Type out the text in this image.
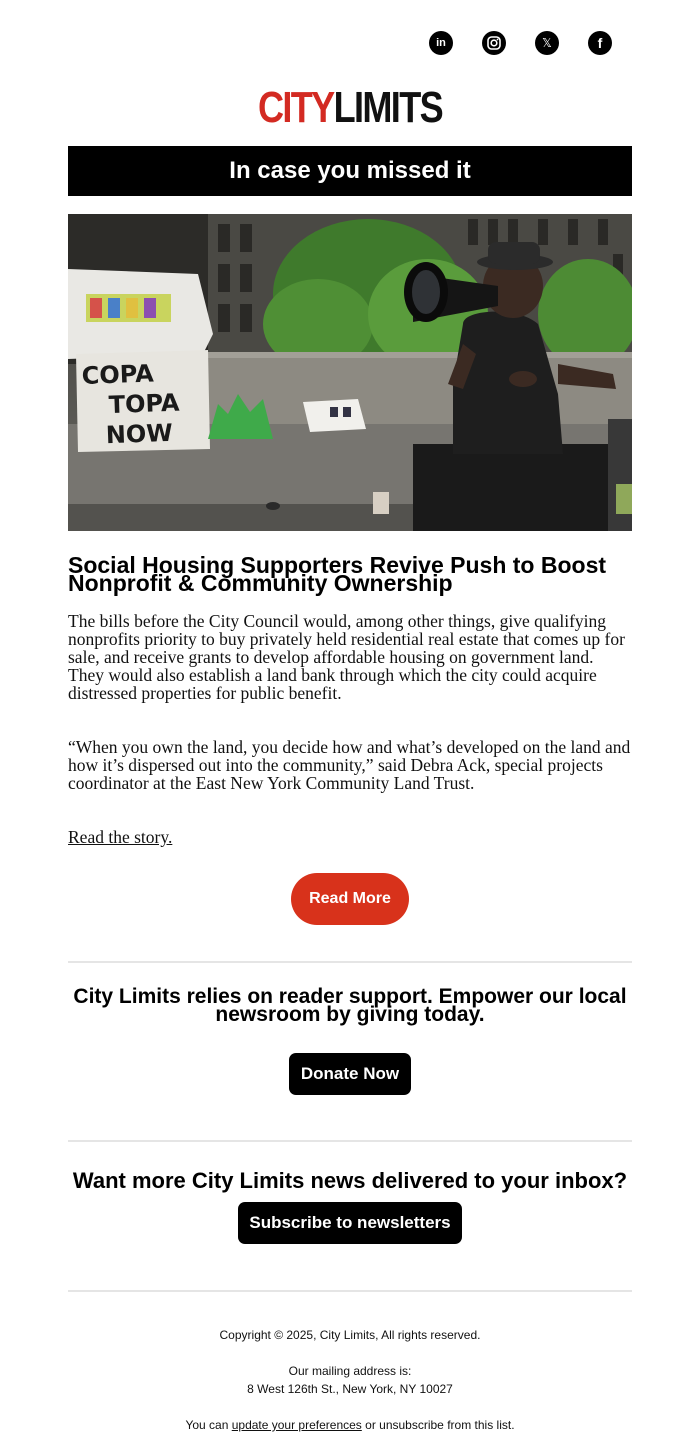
in	𝕏	f
CITYLIMITS
In case you missed it
COPA TOPA NOW
Social Housing Supporters Revive Push to Boost Nonprofit & Community Ownership

The bills before the City Council would, among other things, give qualifying nonprofits priority to buy privately held residential real estate that comes up for sale, and receive grants to develop affordable housing on government land. They would also establish a land bank through which the city could acquire distressed properties for public benefit.

“When you own the land, you decide how and what’s developed on the land and how it’s dispersed out into the community,” said Debra Ack, special projects coordinator at the East New York Community Land Trust.

Read the story.

Read More
City Limits relies on reader support. Empower our local newsroom by giving today.
Donate Now
Want more City Limits news delivered to your inbox?
Subscribe to newsletters
Copyright © 2025, City Limits, All rights reserved.
Our mailing address is:
8 West 126th St., New York, NY 10027
You can update your preferences or unsubscribe from this list.
